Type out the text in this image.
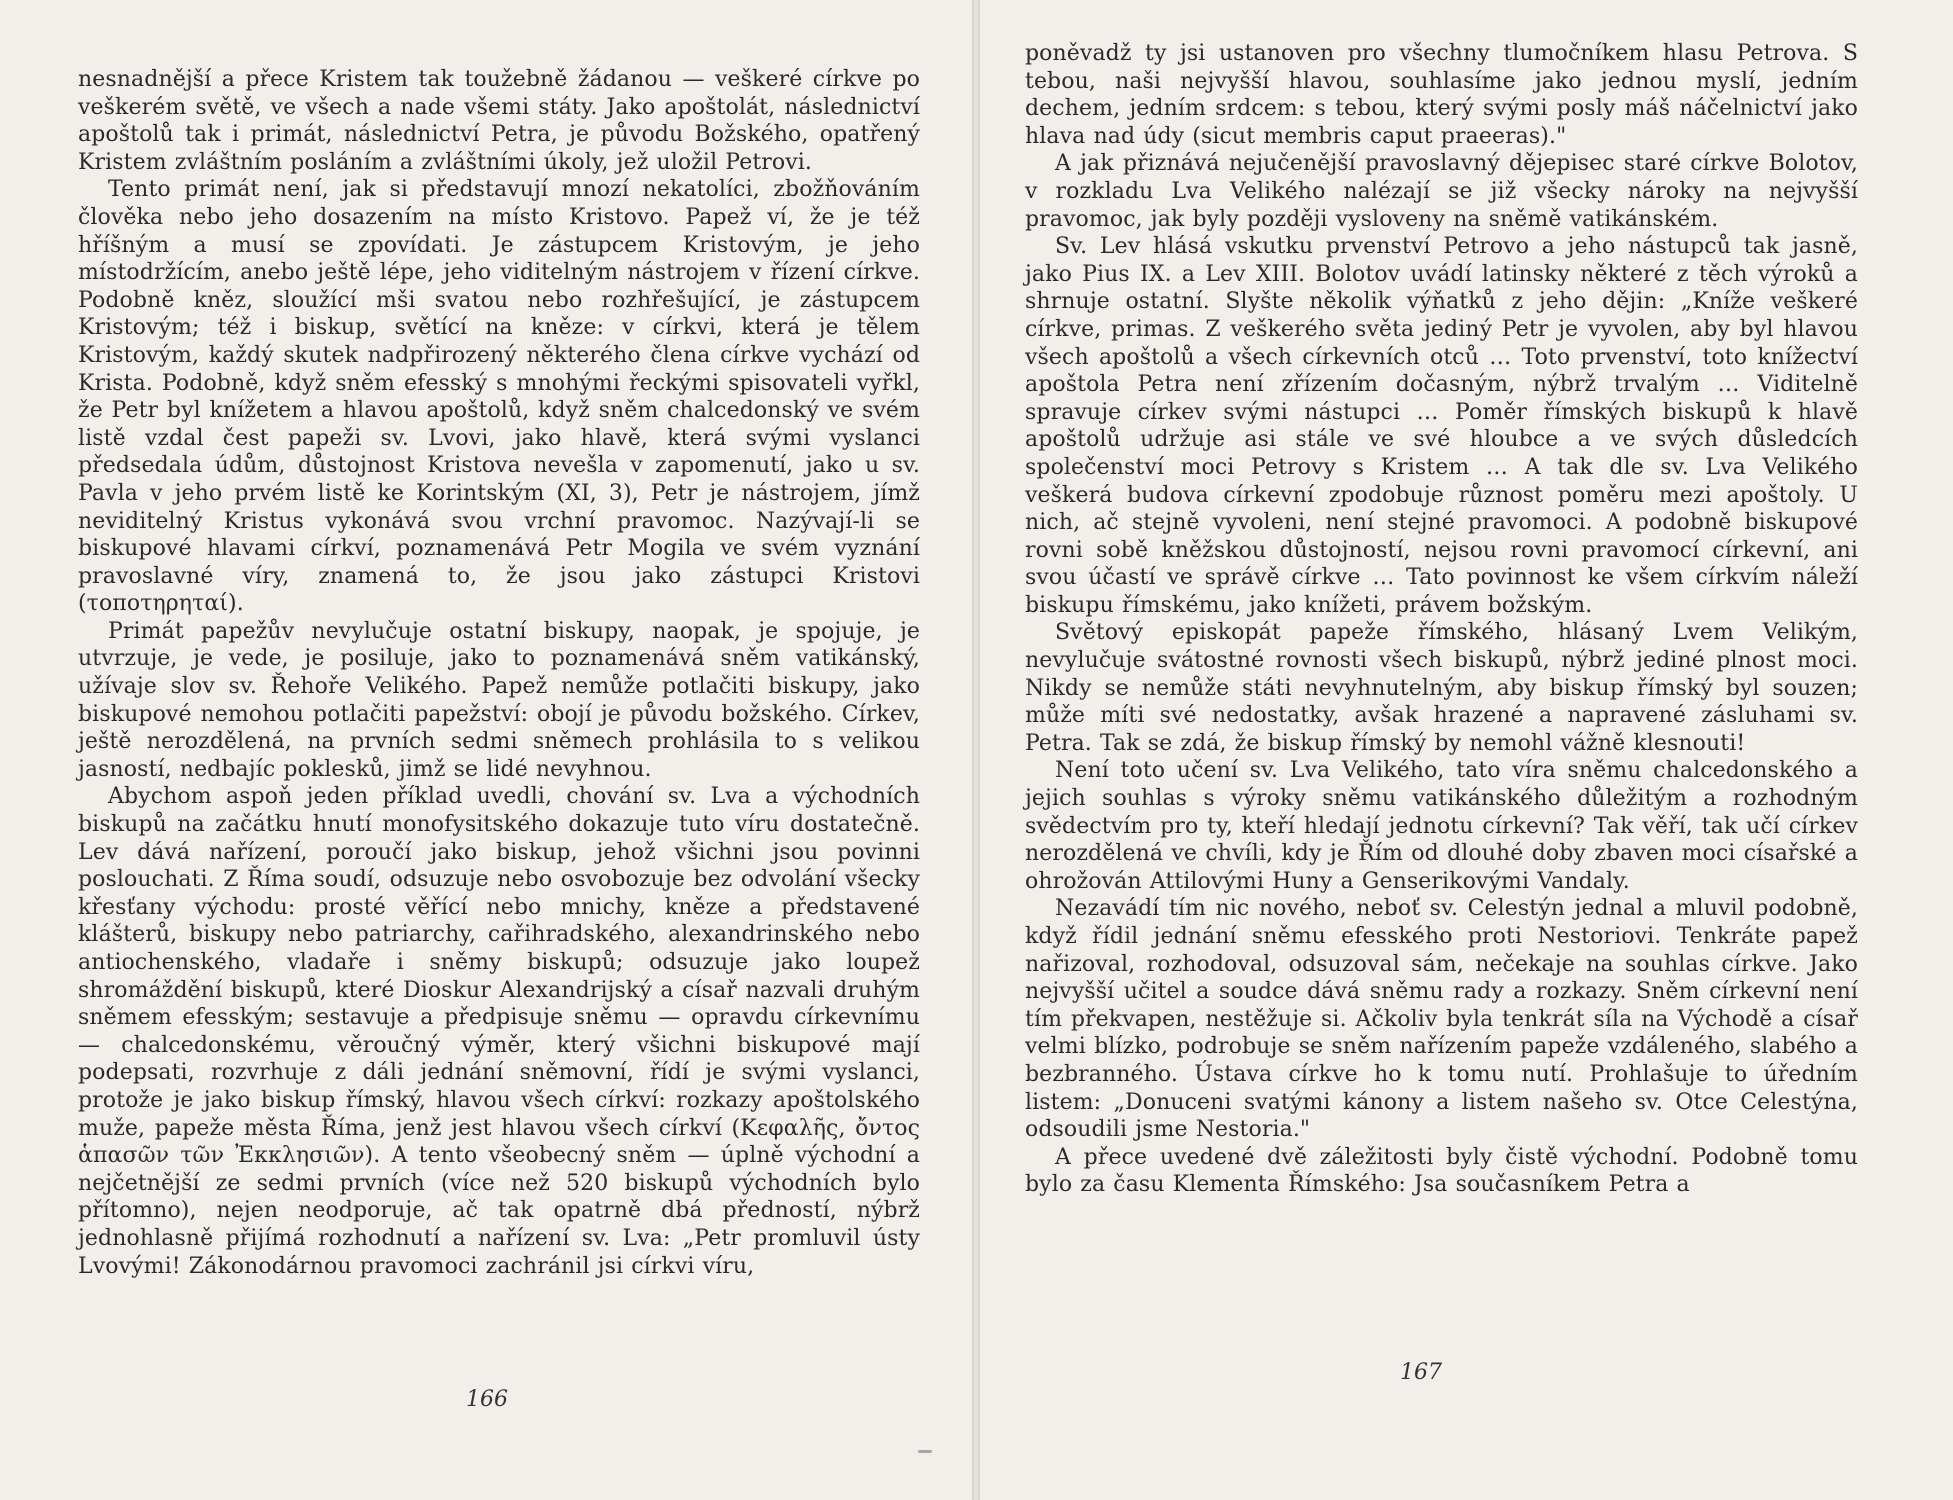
nesnadnější a přece Kristem tak toužebně žádanou — veškeré církve po veškerém světě, ve všech a nade všemi státy. Jako apoštolát, následnictví apoštolů tak i primát, následnictví Petra, je původu Božského, opatřený Kristem zvláštním posláním a zvláštními úkoly, jež uložil Petrovi.

Tento primát není, jak si představují mnozí nekatolíci, zbožňováním člověka nebo jeho dosazením na místo Kristovo. Papež ví, že je též hříšným a musí se zpovídati. Je zástupcem Kristovým, je jeho místodržícím, anebo ještě lépe, jeho viditelným nástrojem v řízení církve. Podobně kněz, sloužící mši svatou nebo rozhřešující, je zástupcem Kristovým; též i biskup, světící na kněze: v církvi, která je tělem Kristovým, každý skutek nadpřirozený některého člena církve vychází od Krista. Podobně, když sněm efesský s mnohými řeckými spisovateli vyřkl, že Petr byl knížetem a hlavou apoštolů, když sněm chalcedonský ve svém listě vzdal čest papeži sv. Lvovi, jako hlavě, která svými vyslanci předsedala údům, důstojnost Kristova nevešla v zapomenutí, jako u sv. Pavla v jeho prvém listě ke Korintským (XI, 3), Petr je nástrojem, jímž neviditelný Kristus vykonává svou vrchní pravomoc. Nazývají-li se biskupové hlavami církví, poznamenává Petr Mogila ve svém vyznání pravoslavné víry, znamená to, že jsou jako zástupci Kristovi (τοποτηρηταί).

Primát papežův nevylučuje ostatní biskupy, naopak, je spojuje, je utvrzuje, je vede, je posiluje, jako to poznamenává sněm vatikánský, užívaje slov sv. Řehoře Velikého. Papež nemůže potlačiti biskupy, jako biskupové nemohou potlačiti papežství: obojí je původu božského. Církev, ještě nerozdělená, na prvních sedmi sněmech prohlásila to s velikou jasností, nedbajíc poklesků, jimž se lidé nevyhnou.

Abychom aspoň jeden příklad uvedli, chování sv. Lva a východních biskupů na začátku hnutí monofysitského dokazuje tuto víru dostatečně. Lev dává nařízení, poroučí jako biskup, jehož všichni jsou povinni poslouchati. Z Říma soudí, odsuzuje nebo osvobozuje bez odvolání všecky křesťany východu: prosté věřící nebo mnichy, kněze a představené klášterů, biskupy nebo patriarchy, cařihradského, alexandrinského nebo antiochenského, vladaře i sněmy biskupů; odsuzuje jako loupež shromáždění biskupů, které Dioskur Alexandrijský a císař nazvali druhým sněmem efesským; sestavuje a předpisuje sněmu — opravdu církevnímu — chalcedonskému, věroučný výměr, který všichni biskupové mají podepsati, rozvrhuje z dáli jednání sněmovní, řídí je svými vyslanci, protože je jako biskup římský, hlavou všech církví: rozkazy apoštolského muže, papeže města Říma, jenž jest hlavou všech církví (Κεφαλῆς, ὄντος ἁπασῶν τῶν Ἐκκλησιῶν). A tento všeobecný sněm — úplně východní a nejčetnější ze sedmi prvních (více než 520 biskupů východních bylo přítomno), nejen neodporuje, ač tak opatrně dbá předností, nýbrž jednohlasně přijímá rozhodnutí a nařízení sv. Lva: „Petr promluvil ústy Lvovými! Zákonodárnou pravomoci zachránil jsi církvi víru,

166

poněvadž ty jsi ustanoven pro všechny tlumočníkem hlasu Petrova. S tebou, naši nejvyšší hlavou, souhlasíme jako jednou myslí, jedním dechem, jedním srdcem: s tebou, který svými posly máš náčelnictví jako hlava nad údy (sicut membris caput praeeras)."

A jak přiznává nejučenější pravoslavný dějepisec staré církve Bolotov, v rozkladu Lva Velikého nalézají se již všecky nároky na nejvyšší pravomoc, jak byly později vysloveny na sněmě vatikánském.

Sv. Lev hlásá vskutku prvenství Petrovo a jeho nástupců tak jasně, jako Pius IX. a Lev XIII. Bolotov uvádí latinsky některé z těch výroků a shrnuje ostatní. Slyšte několik výňatků z jeho dějin: „Kníže veškeré církve, primas. Z veškerého světa jediný Petr je vyvolen, aby byl hlavou všech apoštolů a všech církevních otců … Toto prvenství, toto knížectví apoštola Petra není zřízením dočasným, nýbrž trvalým … Viditelně spravuje církev svými nástupci … Poměr římských biskupů k hlavě apoštolů udržuje asi stále ve své hloubce a ve svých důsledcích společenství moci Petrovy s Kristem … A tak dle sv. Lva Velikého veškerá budova církevní zpodobuje různost poměru mezi apoštoly. U nich, ač stejně vyvoleni, není stejné pravomoci. A podobně biskupové rovni sobě kněžskou důstojností, nejsou rovni pravomocí církevní, ani svou účastí ve správě církve … Tato povinnost ke všem církvím náleží biskupu římskému, jako knížeti, právem božským.

Světový episkopát papeže římského, hlásaný Lvem Velikým, nevylučuje svátostné rovnosti všech biskupů, nýbrž jediné plnost moci. Nikdy se nemůže státi nevyhnutelným, aby biskup římský byl souzen; může míti své nedostatky, avšak hrazené a napravené zásluhami sv. Petra. Tak se zdá, že biskup římský by nemohl vážně klesnouti!

Není toto učení sv. Lva Velikého, tato víra sněmu chalcedonského a jejich souhlas s výroky sněmu vatikánského důležitým a rozhodným svědectvím pro ty, kteří hledají jednotu církevní? Tak věří, tak učí církev nerozdělená ve chvíli, kdy je Řím od dlouhé doby zbaven moci císařské a ohrožován Attilovými Huny a Genserikovými Vandaly.

Nezavádí tím nic nového, neboť sv. Celestýn jednal a mluvil podobně, když řídil jednání sněmu efesského proti Nestoriovi. Tenkráte papež nařizoval, rozhodoval, odsuzoval sám, nečekaje na souhlas církve. Jako nejvyšší učitel a soudce dává sněmu rady a rozkazy. Sněm církevní není tím překvapen, nestěžuje si. Ačkoliv byla tenkrát síla na Východě a císař velmi blízko, podrobuje se sněm nařízením papeže vzdáleného, slabého a bezbranného. Ústava církve ho k tomu nutí. Prohlašuje to úředním listem: „Donuceni svatými kánony a listem našeho sv. Otce Celestýna, odsoudili jsme Nestoria."

A přece uvedené dvě záležitosti byly čistě východní. Podobně tomu bylo za času Klementa Římského: Jsa současníkem Petra a

167
